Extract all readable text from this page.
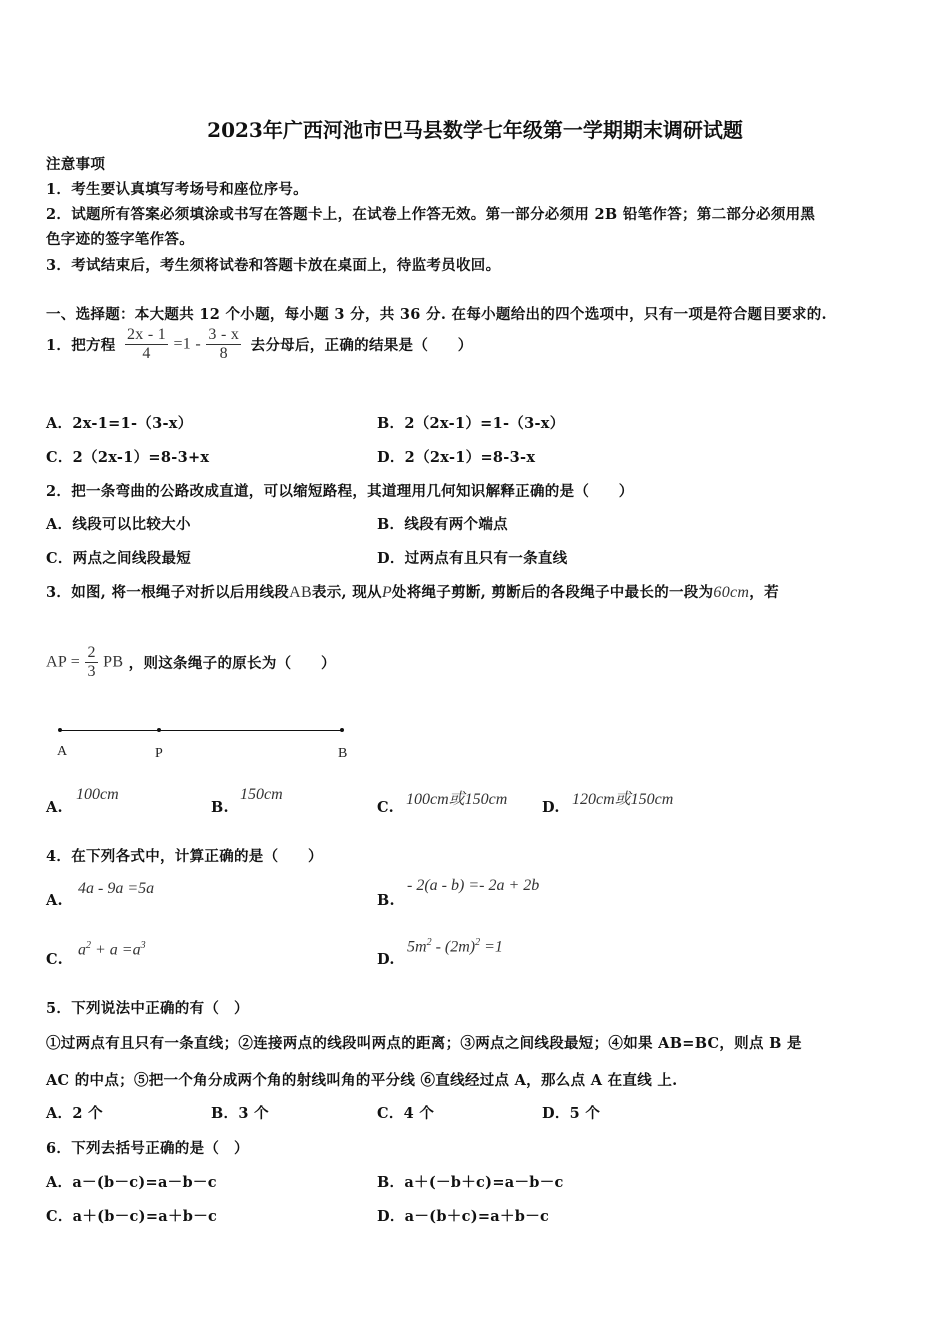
2023年广西河池市巴马县数学七年级第一学期期末调研试题
注意事项
1．考生要认真填写考场号和座位序号。
2．试题所有答案必须填涂或书写在答题卡上，在试卷上作答无效。第一部分必须用 2B 铅笔作答；第二部分必须用黑
色字迹的签字笔作答。
3．考试结束后，考生须将试卷和答题卡放在桌面上，待监考员收回。
一、选择题：本大题共 12 个小题，每小题 3 分，共 36 分. 在每小题给出的四个选项中，只有一项是符合题目要求的.
1．把方程 $\frac{2x - 1}{4} =1 - \frac{3 - x}{8}$ 去分母后，正确的结果是（　　）
A．2x-1=1-（3-x）	B．2（2x-1）=1-（3-x）
C．2（2x-1）=8-3+x	D．2（2x-1）=8-3-x
2．把一条弯曲的公路改成直道，可以缩短路程，其道理用几何知识解释正确的是（　　）
A．线段可以比较大小	B．线段有两个端点
C．两点之间线段最短	D．过两点有且只有一条直线
3．如图, 将一根绳子对折以后用线段AB表示, 现从P处将绳子剪断, 剪断后的各段绳子中最长的一段为60cm，若
AP = $\frac{2}{3}$ PB ，则这条绳子的原长为（　　）
A	P	B
A.
100cm
B.
150cm
C. 100cm或150cm D. 120cm或150cm
4．在下列各式中，计算正确的是（　　）
A.
4a - 9a =5a
B.
- 2(a - b) =- 2a + 2b
C.
$a^2 + a =a^3$
D.
$5m^2 - (2m)^2 =1$
5．下列说法中正确的有（　）
①过两点有且只有一条直线；②连接两点的线段叫两点的距离；③两点之间线段最短；④如果 AB=BC，则点 B 是
AC 的中点；⑤把一个角分成两个角的射线叫角的平分线 ⑥直线经过点 A，那么点 A 在直线 上.
A．2 个	B．3 个	C．4 个	D．5 个
6．下列去括号正确的是（　）
A．a－(b－c)=a－b－c	B．a＋(－b＋c)=a－b－c
C．a＋(b－c)=a＋b－c	D．a－(b＋c)=a＋b－c
